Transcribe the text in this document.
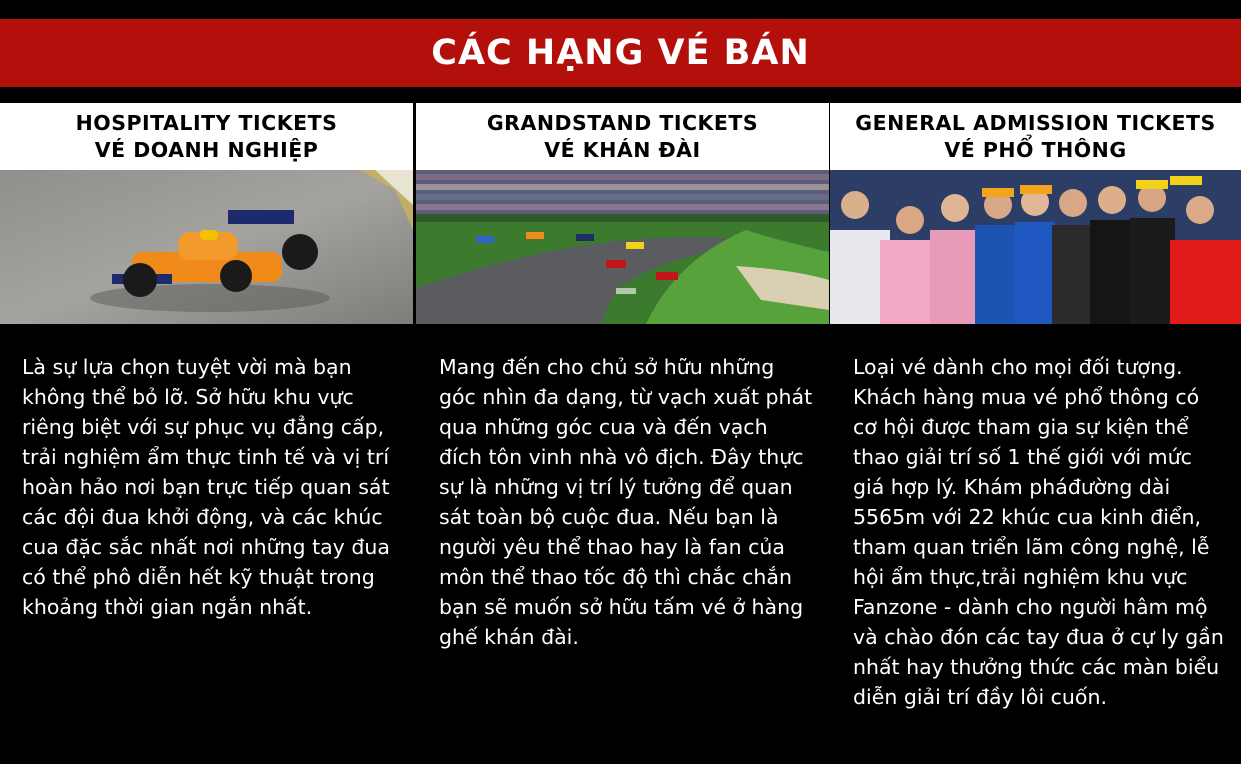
CÁC HẠNG VÉ BÁN
HOSPITALITY TICKETS
VÉ DOANH NGHIỆP
Là sự lựa chọn tuyệt vời mà bạn không thể bỏ lỡ. Sở hữu khu vực riêng biệt với sự phục vụ đẳng cấp, trải nghiệm ẩm thực tinh tế và vị trí hoàn hảo nơi bạn trực tiếp quan sát các đội đua khởi động, và các khúc cua đặc sắc nhất nơi những tay đua có thể phô diễn hết kỹ thuật trong khoảng thời gian ngắn nhất.
GRANDSTAND TICKETS
VÉ KHÁN ĐÀI
Mang đến cho chủ sở hữu những góc nhìn đa dạng, từ vạch xuất phát qua những góc cua và đến vạch đích tôn vinh nhà vô địch. Đây thực sự là những vị trí lý tưởng để quan sát toàn bộ cuộc đua. Nếu bạn là người yêu thể thao hay là fan của môn thể thao tốc độ thì chắc chắn bạn sẽ muốn sở hữu tấm vé ở hàng ghế khán đài.
GENERAL ADMISSION TICKETS
VÉ PHỔ THÔNG
Loại vé dành cho mọi đối tượng. Khách hàng mua vé phổ thông có cơ hội được tham gia sự kiện thể thao giải trí số 1 thế giới với mức giá hợp lý. Khám pháđường dài 5565m với 22 khúc cua kinh điển, tham quan triển lãm công nghệ, lễ hội ẩm thực,trải nghiệm khu vực Fanzone - dành cho người hâm mộ và chào đón các tay đua ở cự ly gần nhất hay thưởng thức các màn biểu diễn giải trí đầy lôi cuốn.
